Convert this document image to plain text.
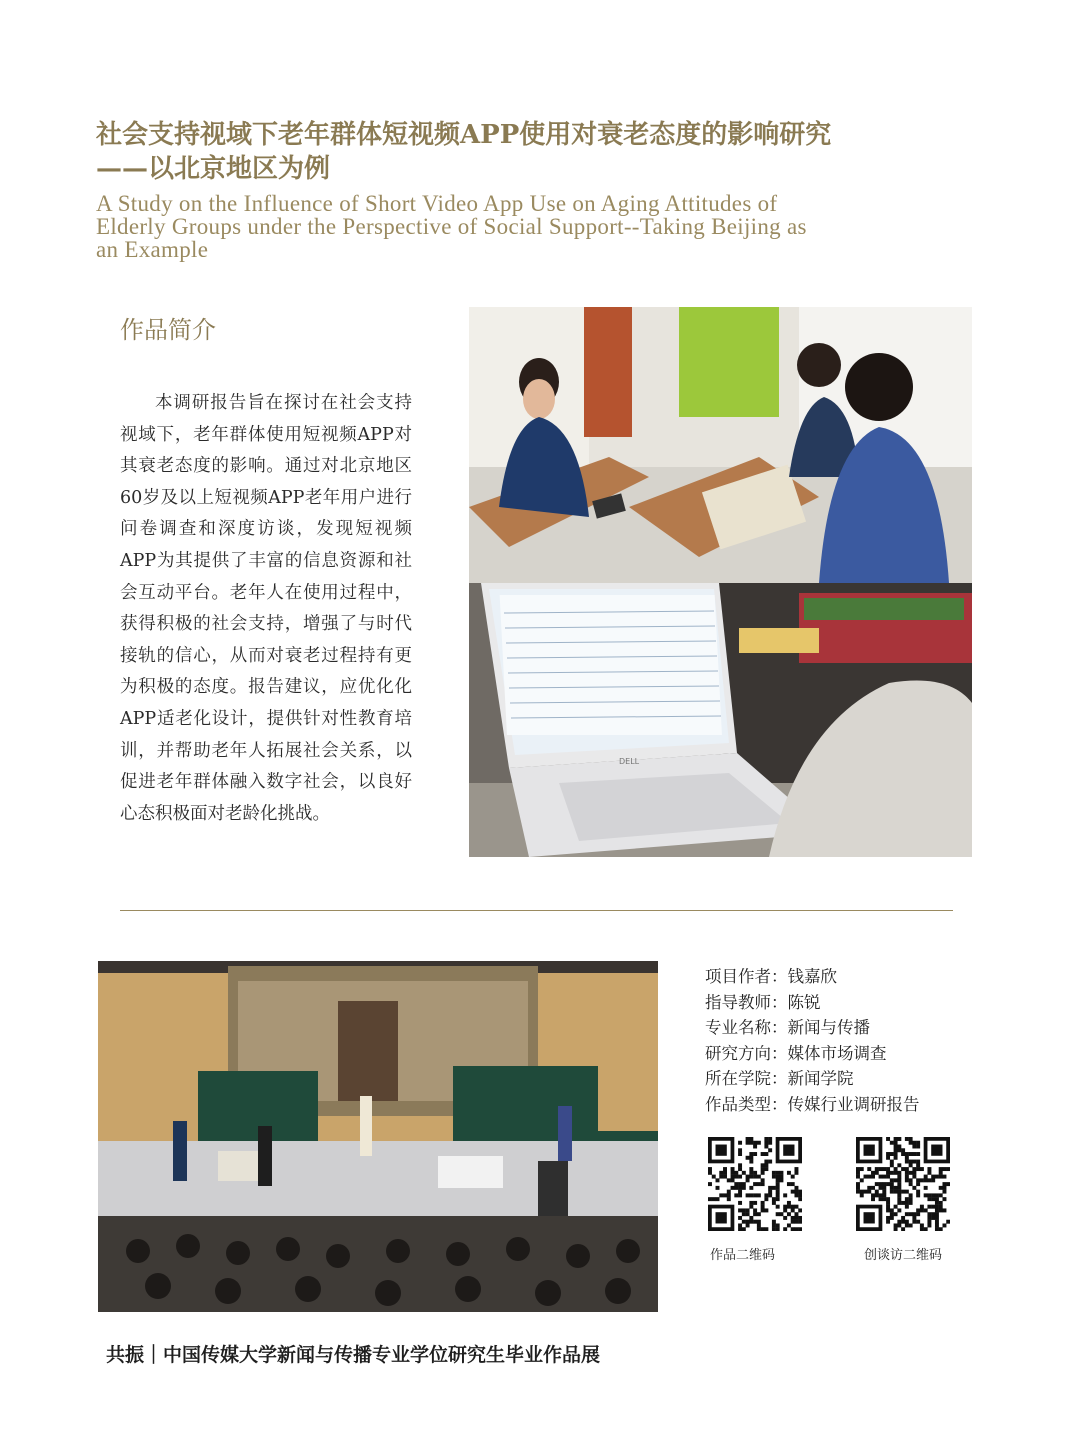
社会支持视域下老年群体短视频APP使用对衰老态度的影响研究
——以北京地区为例
A Study on the Influence of Short Video App Use on Aging Attitudes of
Elderly Groups under the Perspective of Social Support--Taking Beijing as
an Example
作品简介
本调研报告旨在探讨在社会支持视域下，老年群体使用短视频APP对其衰老态度的影响。通过对北京地区60岁及以上短视频APP老年用户进行问卷调查和深度访谈，发现短视频APP为其提供了丰富的信息资源和社会互动平台。老年人在使用过程中，获得积极的社会支持，增强了与时代接轨的信心，从而对衰老过程持有更为积极的态度。报告建议，应优化化APP适老化设计，提供针对性教育培训，并帮助老年人拓展社会关系，以促进老年群体融入数字社会，以良好心态积极面对老龄化挑战。
DELL
项目作者：钱嘉欣
指导教师：陈锐
专业名称：新闻与传播
研究方向：媒体市场调查
所在学院：新闻学院
作品类型：传媒行业调研报告
作品二维码	创谈访二维码
共振｜中国传媒大学新闻与传播专业学位研究生毕业作品展
